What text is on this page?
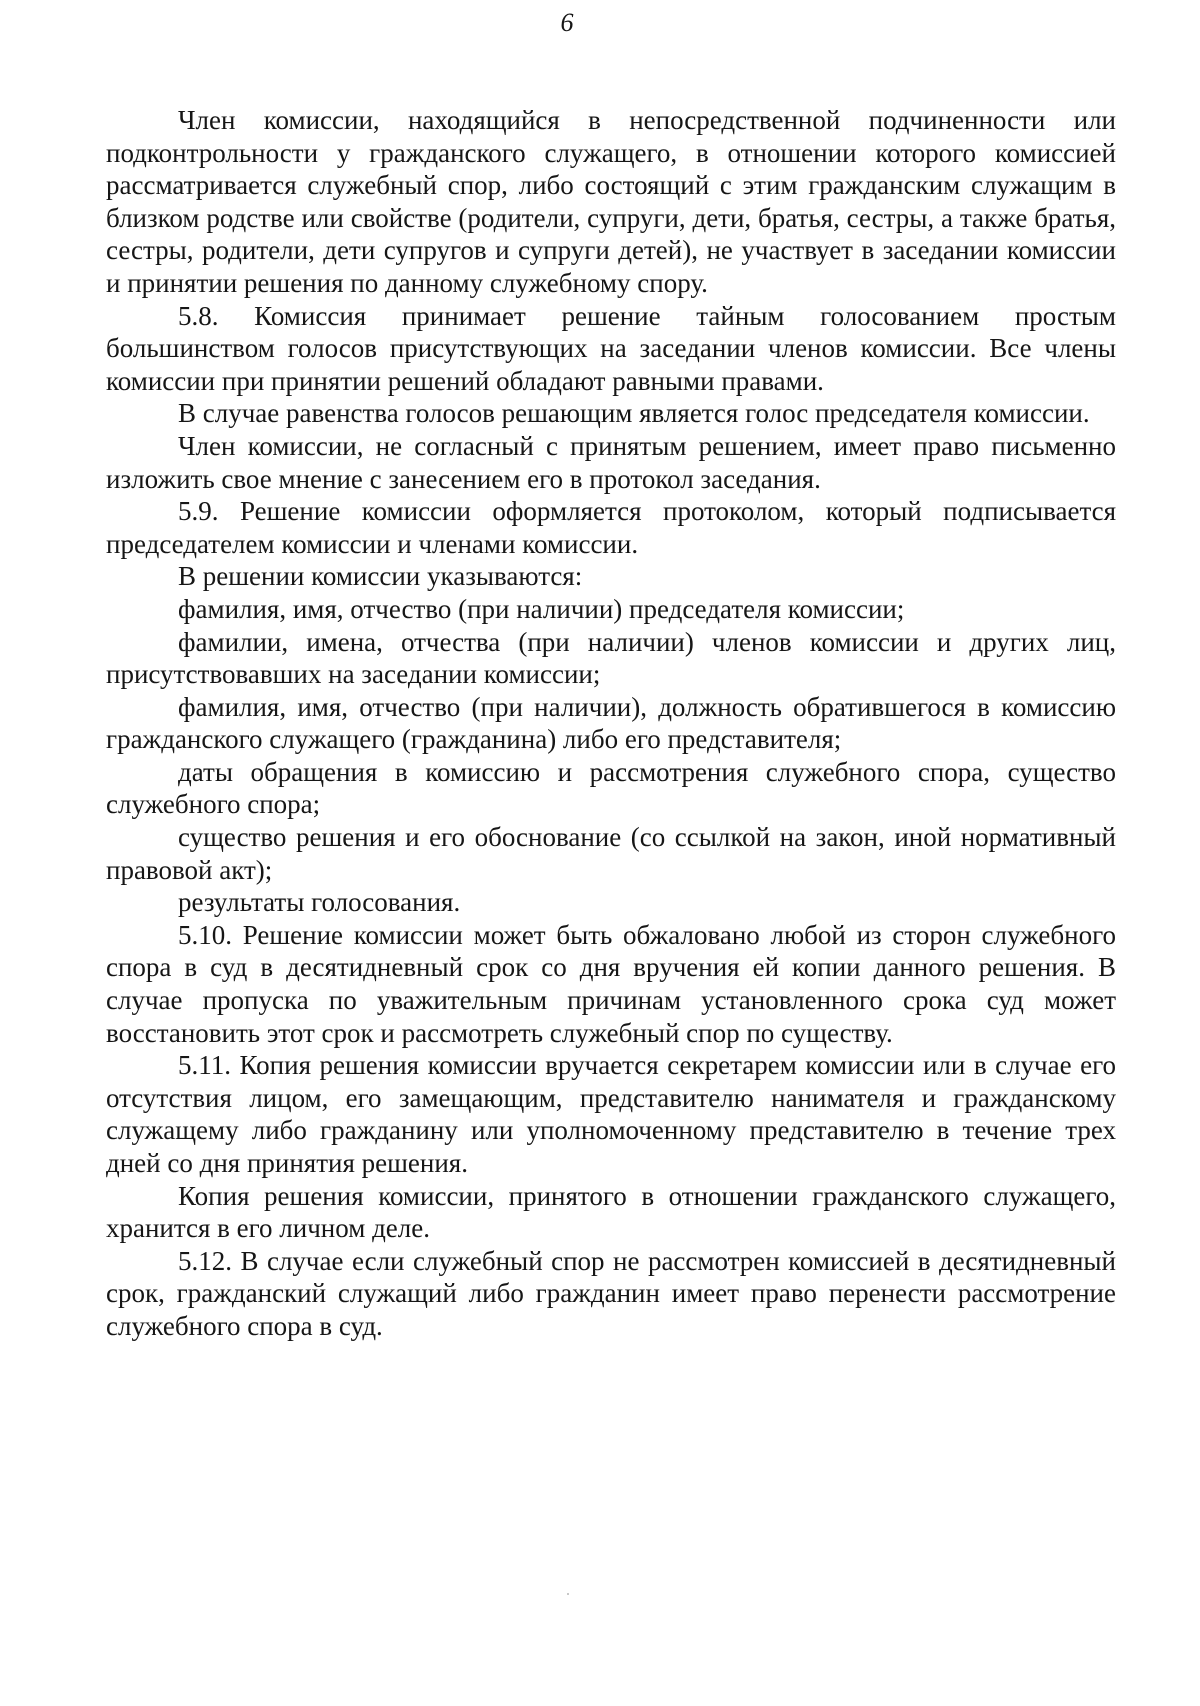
6

Член комиссии, находящийся в непосредственной подчиненности или подконтрольности у гражданского служащего, в отношении которого комиссией рассматривается служебный спор, либо состоящий с этим гражданским служащим в близком родстве или свойстве (родители, супруги, дети, братья, сестры, а также братья, сестры, родители, дети супругов и супруги детей), не участвует в заседании комиссии и принятии решения по данному служебному спору.

5.8. Комиссия принимает решение тайным голосованием простым большинством голосов присутствующих на заседании членов комиссии. Все члены комиссии при принятии решений обладают равными правами.

В случае равенства голосов решающим является голос председателя комиссии.

Член комиссии, не согласный с принятым решением, имеет право письменно изложить свое мнение с занесением его в протокол заседания.

5.9. Решение комиссии оформляется протоколом, который подписывается председателем комиссии и членами комиссии.

В решении комиссии указываются:

фамилия, имя, отчество (при наличии) председателя комиссии;

фамилии, имена, отчества (при наличии) членов комиссии и других лиц, присутствовавших на заседании комиссии;

фамилия, имя, отчество (при наличии), должность обратившегося в комиссию гражданского служащего (гражданина) либо его представителя;

даты обращения в комиссию и рассмотрения служебного спора, существо служебного спора;

существо решения и его обоснование (со ссылкой на закон, иной нормативный правовой акт);

результаты голосования.

5.10. Решение комиссии может быть обжаловано любой из сторон служебного спора в суд в десятидневный срок со дня вручения ей копии данного решения. В случае пропуска по уважительным причинам установленного срока суд может восстановить этот срок и рассмотреть служебный спор по существу.

5.11. Копия решения комиссии вручается секретарем комиссии или в случае его отсутствия лицом, его замещающим, представителю нанимателя и гражданскому служащему либо гражданину или уполномоченному представителю в течение трех дней со дня принятия решения.

Копия решения комиссии, принятого в отношении гражданского служащего, хранится в его личном деле.

5.12. В случае если служебный спор не рассмотрен комиссией в десятидневный срок, гражданский служащий либо гражданин имеет право перенести рассмотрение служебного спора в суд.
